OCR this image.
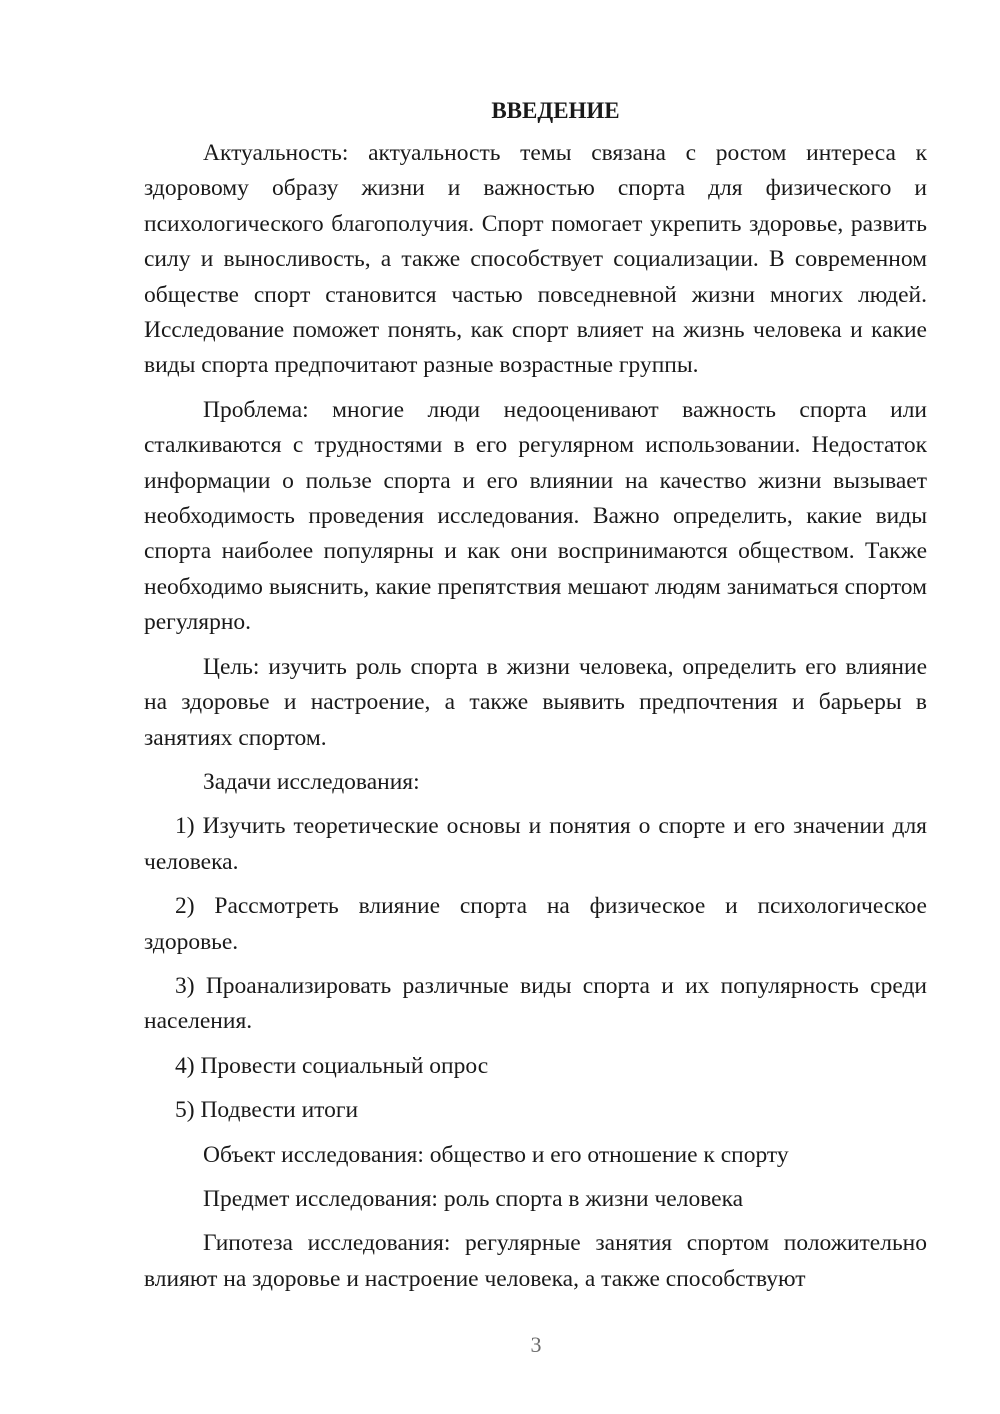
ВВЕДЕНИЕ

Актуальность: актуальность темы связана с ростом интереса к здоровому образу жизни и важностью спорта для физического и психологического благополучия. Спорт помогает укрепить здоровье, развить силу и выносливость, а также способствует социализации. В современном обществе спорт становится частью повседневной жизни многих людей. Исследование поможет понять, как спорт влияет на жизнь человека и какие виды спорта предпочитают разные возрастные группы.

Проблема: многие люди недооценивают важность спорта или сталкиваются с трудностями в его регулярном использовании. Недостаток информации о пользе спорта и его влиянии на качество жизни вызывает необходимость проведения исследования. Важно определить, какие виды спорта наиболее популярны и как они воспринимаются обществом. Также необходимо выяснить, какие препятствия мешают людям заниматься спортом регулярно.

Цель: изучить роль спорта в жизни человека, определить его влияние на здоровье и настроение, а также выявить предпочтения и барьеры в занятиях спортом.

Задачи исследования:

1) Изучить теоретические основы и понятия о спорте и его значении для человека.

2) Рассмотреть влияние спорта на физическое и психологическое здоровье.

3) Проанализировать различные виды спорта и их популярность среди населения.

4) Провести социальный опрос

5) Подвести итоги

Объект исследования: общество и его отношение к спорту

Предмет исследования: роль спорта в жизни человека

Гипотеза исследования: регулярные занятия спортом положительно влияют на здоровье и настроение человека, а также способствуют

3
